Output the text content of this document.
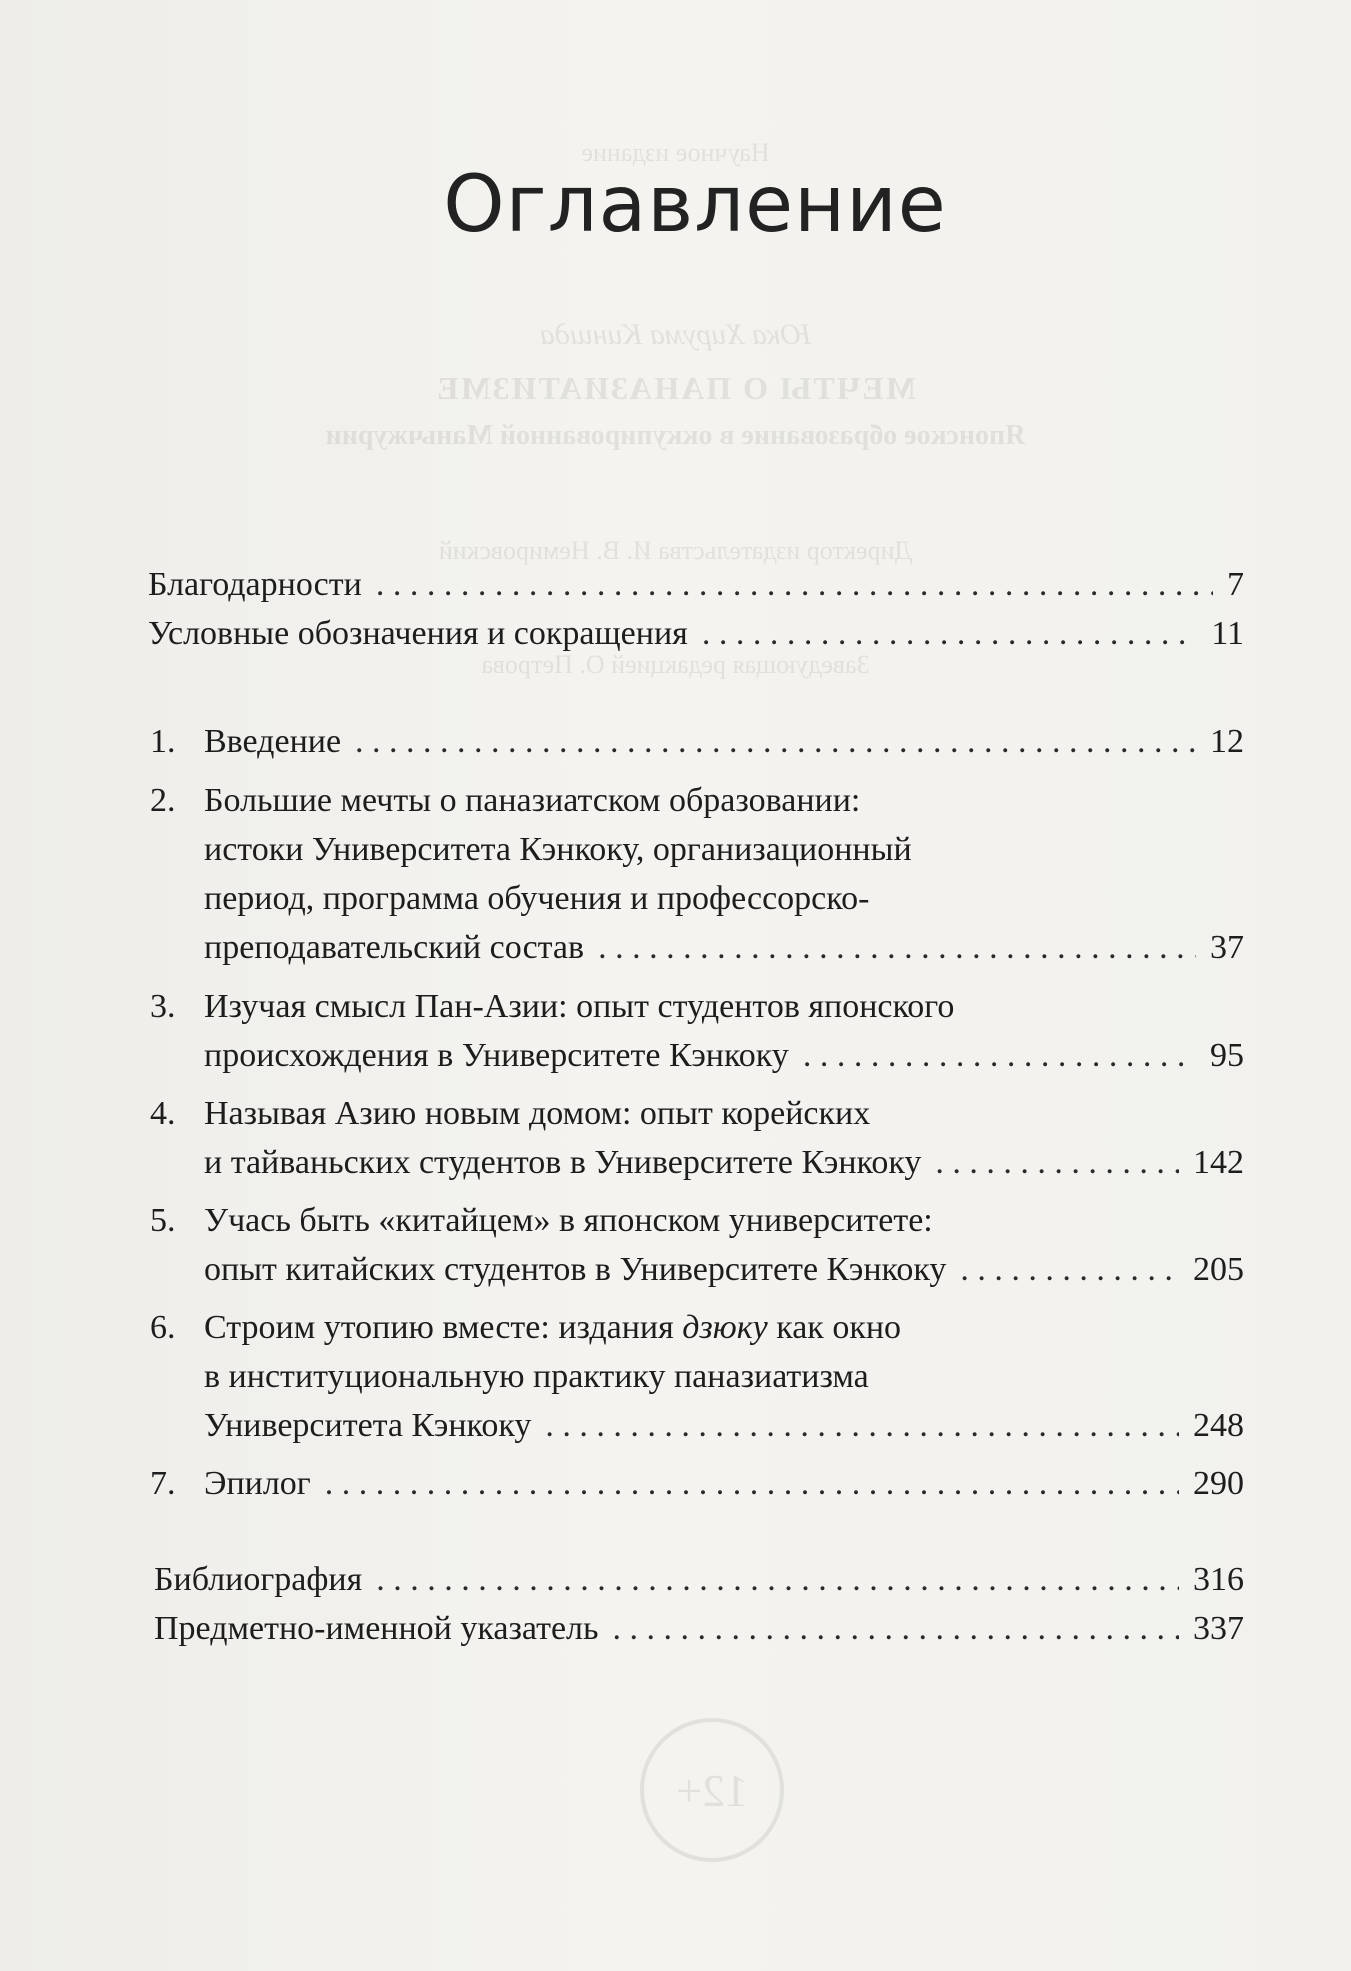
Научное издание
Юка Хирума Киншда
МЕЧТЫ О ПАНАЗИАТИЗМЕ
Японское образование в оккупированной Маньчжурии
Директор издательства И. В. Немировский
Заведующая редакцией О. Петрова
12+
Оглавление
Благодарности . . .	7
Условные обозначения и сокращения . . .	11
1. Введение . . .	12
2. Большие мечты о паназиатском образовании:
истоки Университета Кэнкоку, организационный
период, программа обучения и профессорско-
преподавательский состав . . .	37
3. Изучая смысл Пан-Азии: опыт студентов японского
происхождения в Университете Кэнкоку . . .	95
4. Называя Азию новым домом: опыт корейских
и тайваньских студентов в Университете Кэнкоку . . .	142
5. Учась быть «китайцем» в японском университете:
опыт китайских студентов в Университете Кэнкоку . . .	205
6. Строим утопию вместе: издания дзюку как окно
в институциональную практику паназиатизма
Университета Кэнкоку . . .	248
7. Эпилог . . .	290
Библиография . . .	316
Предметно-именной указатель . . .	337
